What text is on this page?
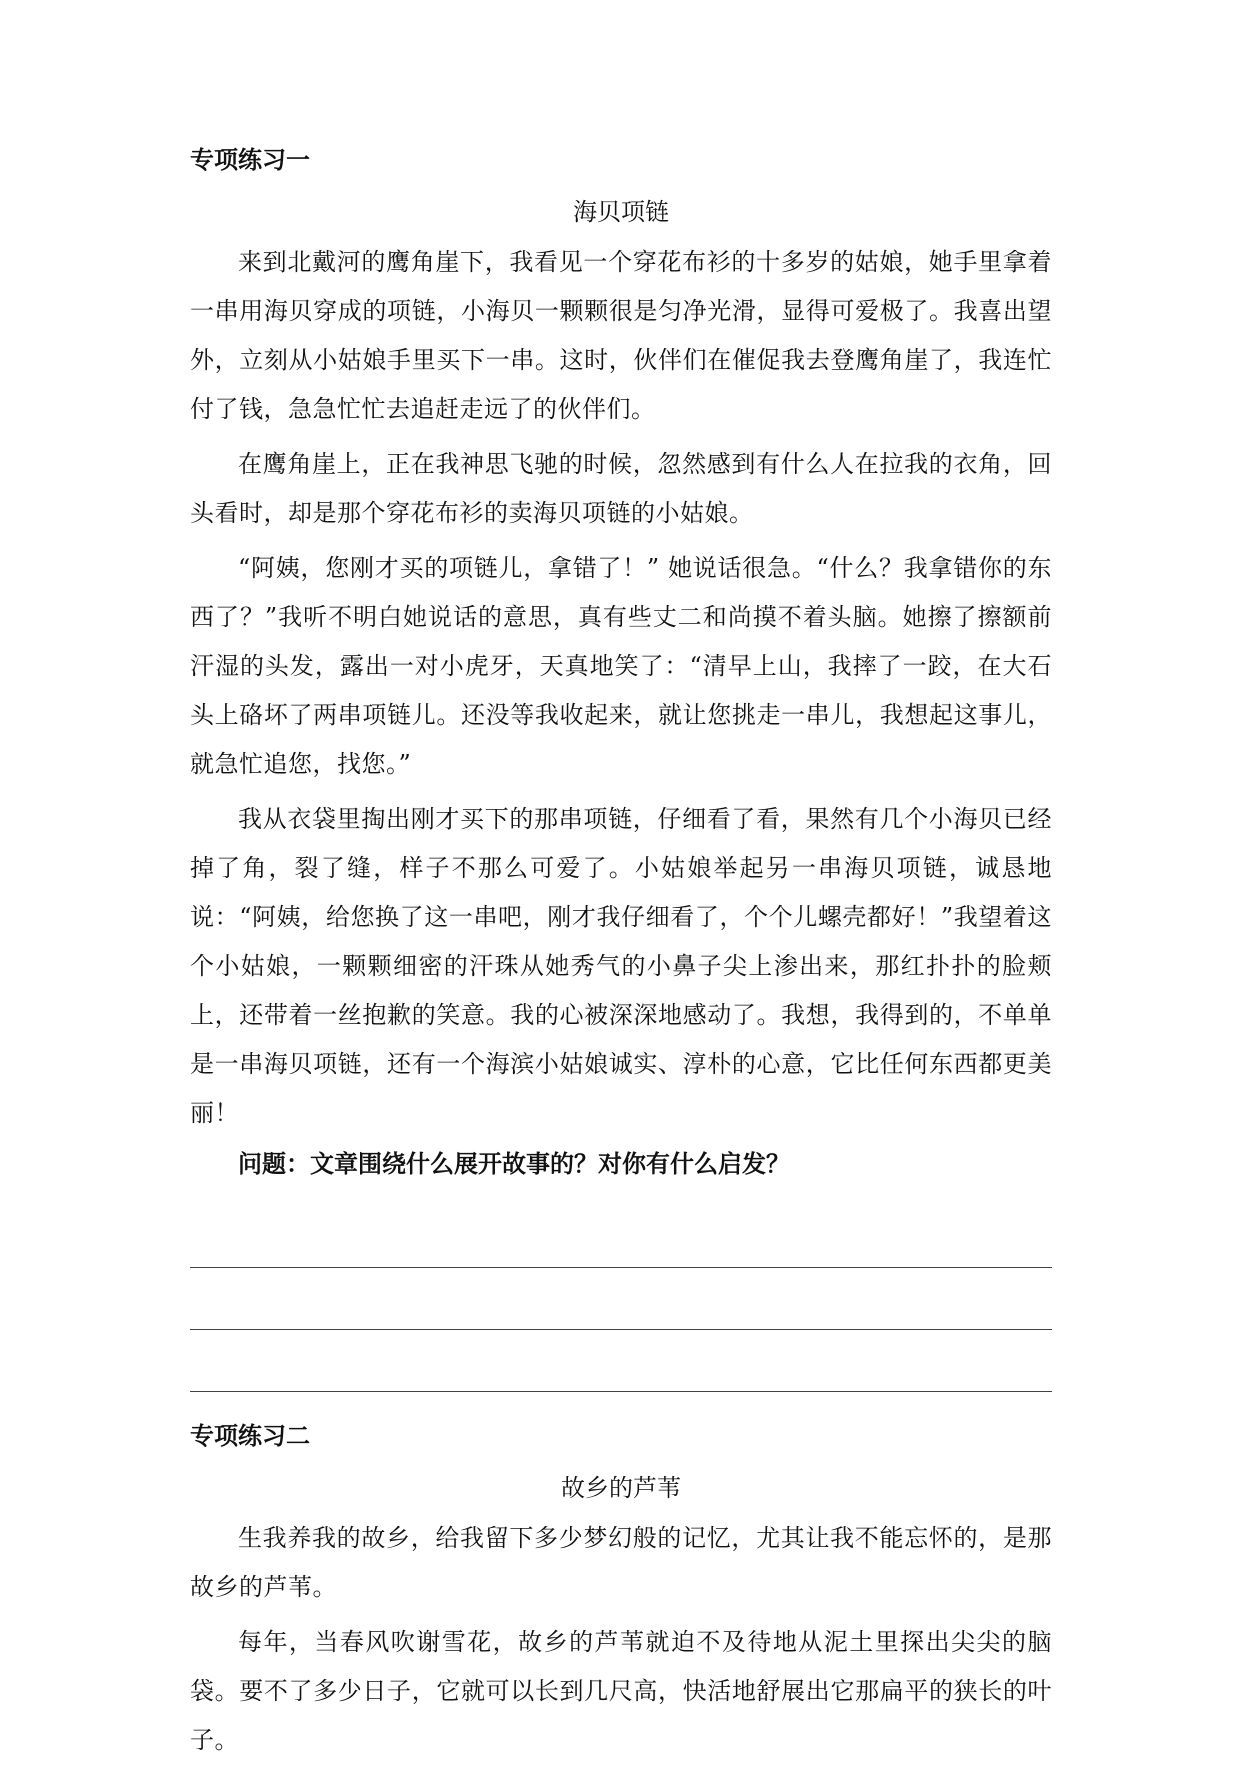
专项练习一
海贝项链

来到北戴河的鹰角崖下，我看见一个穿花布衫的十多岁的姑娘，她手里拿着一串用海贝穿成的项链，小海贝一颗颗很是匀净光滑，显得可爱极了。我喜出望外，立刻从小姑娘手里买下一串。这时，伙伴们在催促我去登鹰角崖了，我连忙付了钱，急急忙忙去追赶走远了的伙伴们。

在鹰角崖上，正在我神思飞驰的时候，忽然感到有什么人在拉我的衣角，回头看时，却是那个穿花布衫的卖海贝项链的小姑娘。

“阿姨，您刚才买的项链儿，拿错了！” 她说话很急。“什么？我拿错你的东西了？”我听不明白她说话的意思，真有些丈二和尚摸不着头脑。她擦了擦额前汗湿的头发，露出一对小虎牙，天真地笑了：“清早上山，我摔了一跤，在大石头上硌坏了两串项链儿。还没等我收起来，就让您挑走一串儿，我想起这事儿，就急忙追您，找您。”

我从衣袋里掏出刚才买下的那串项链，仔细看了看，果然有几个小海贝已经掉了角，裂了缝，样子不那么可爱了。小姑娘举起另一串海贝项链，诚恳地说：“阿姨，给您换了这一串吧，刚才我仔细看了，个个儿螺壳都好！”我望着这个小姑娘，一颗颗细密的汗珠从她秀气的小鼻子尖上渗出来，那红扑扑的脸颊上，还带着一丝抱歉的笑意。我的心被深深地感动了。我想，我得到的，不单单是一串海贝项链，还有一个海滨小姑娘诚实、淳朴的心意，它比任何东西都更美丽！

问题：文章围绕什么展开故事的？对你有什么启发？
专项练习二
故乡的芦苇

生我养我的故乡，给我留下多少梦幻般的记忆，尤其让我不能忘怀的，是那故乡的芦苇。

每年，当春风吹谢雪花，故乡的芦苇就迫不及待地从泥土里探出尖尖的脑袋。要不了多少日子，它就可以长到几尺高，快活地舒展出它那扁平的狭长的叶子。
